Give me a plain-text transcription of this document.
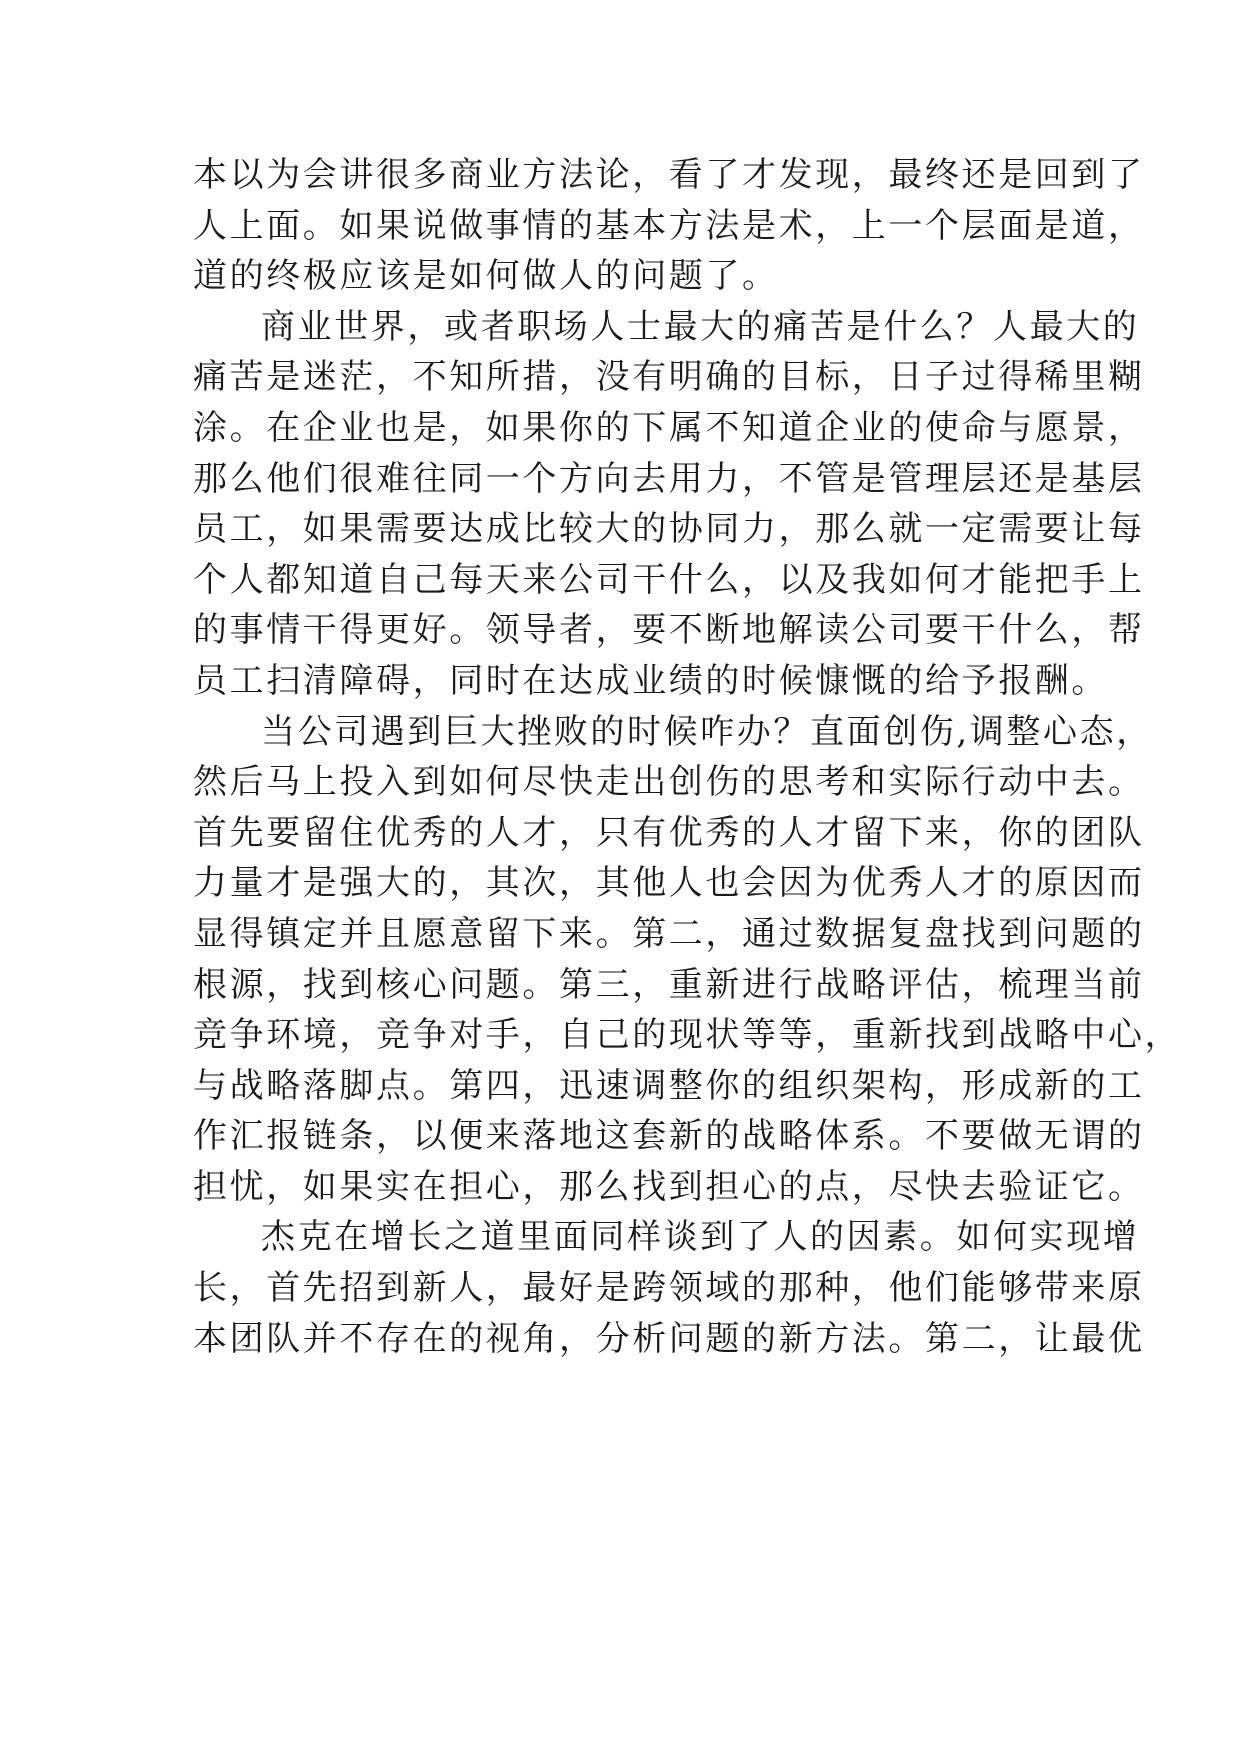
本以为会讲很多商业方法论，看了才发现，最终还是回到了
人上面。如果说做事情的基本方法是术，上一个层面是道，
道的终极应该是如何做人的问题了。

商业世界，或者职场人士最大的痛苦是什么？人最大的
痛苦是迷茫，不知所措，没有明确的目标，日子过得稀里糊
涂。在企业也是，如果你的下属不知道企业的使命与愿景，
那么他们很难往同一个方向去用力，不管是管理层还是基层
员工，如果需要达成比较大的协同力，那么就一定需要让每
个人都知道自己每天来公司干什么，以及我如何才能把手上
的事情干得更好。领导者，要不断地解读公司要干什么，帮
员工扫清障碍，同时在达成业绩的时候慷慨的给予报酬。

当公司遇到巨大挫败的时候咋办？直面创伤,调整心态，
然后马上投入到如何尽快走出创伤的思考和实际行动中去。
首先要留住优秀的人才，只有优秀的人才留下来，你的团队
力量才是强大的，其次，其他人也会因为优秀人才的原因而
显得镇定并且愿意留下来。第二，通过数据复盘找到问题的
根源，找到核心问题。第三，重新进行战略评估，梳理当前
竞争环境，竞争对手，自己的现状等等，重新找到战略中心，
与战略落脚点。第四，迅速调整你的组织架构，形成新的工
作汇报链条，以便来落地这套新的战略体系。不要做无谓的
担忧，如果实在担心，那么找到担心的点，尽快去验证它。

杰克在增长之道里面同样谈到了人的因素。如何实现增
长，首先招到新人，最好是跨领域的那种，他们能够带来原
本团队并不存在的视角，分析问题的新方法。第二，让最优
